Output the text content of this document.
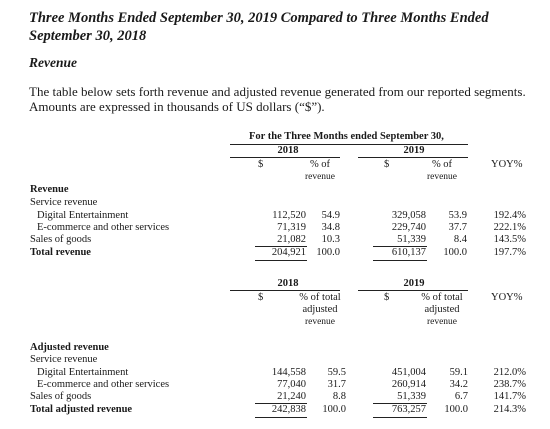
Three Months Ended September 30, 2019 Compared to Three Months Ended September 30, 2018
Revenue
The table below sets forth revenue and adjusted revenue generated from our reported segments. Amounts are expressed in thousands of US dollars (“$”).
For the Three Months ended September 30,
2018	2019
$	% of
revenue
$	% of
revenue
YOY%
Revenue
Service revenue
Digital Entertainment	112,520	54.9	329,058	53.9	192.4%
E-commerce and other services	71,319	34.8	229,740	37.7	222.1%
Sales of goods	21,082	10.3	51,339	8.4	143.5%
Total revenue	204,921 100.0	610,137	100.0	197.7%
2018	2019
$	% of total
adjusted
revenue
$	% of total
adjusted
revenue
YOY%
Adjusted revenue
Service revenue
Digital Entertainment	144,558	59.5	451,004	59.1	212.0%
E-commerce and other services	77,040	31.7	260,914	34.2	238.7%
Sales of goods	21,240	8.8	51,339	6.7	141.7%
Total adjusted revenue	242,838	100.0	763,257	100.0	214.3%
